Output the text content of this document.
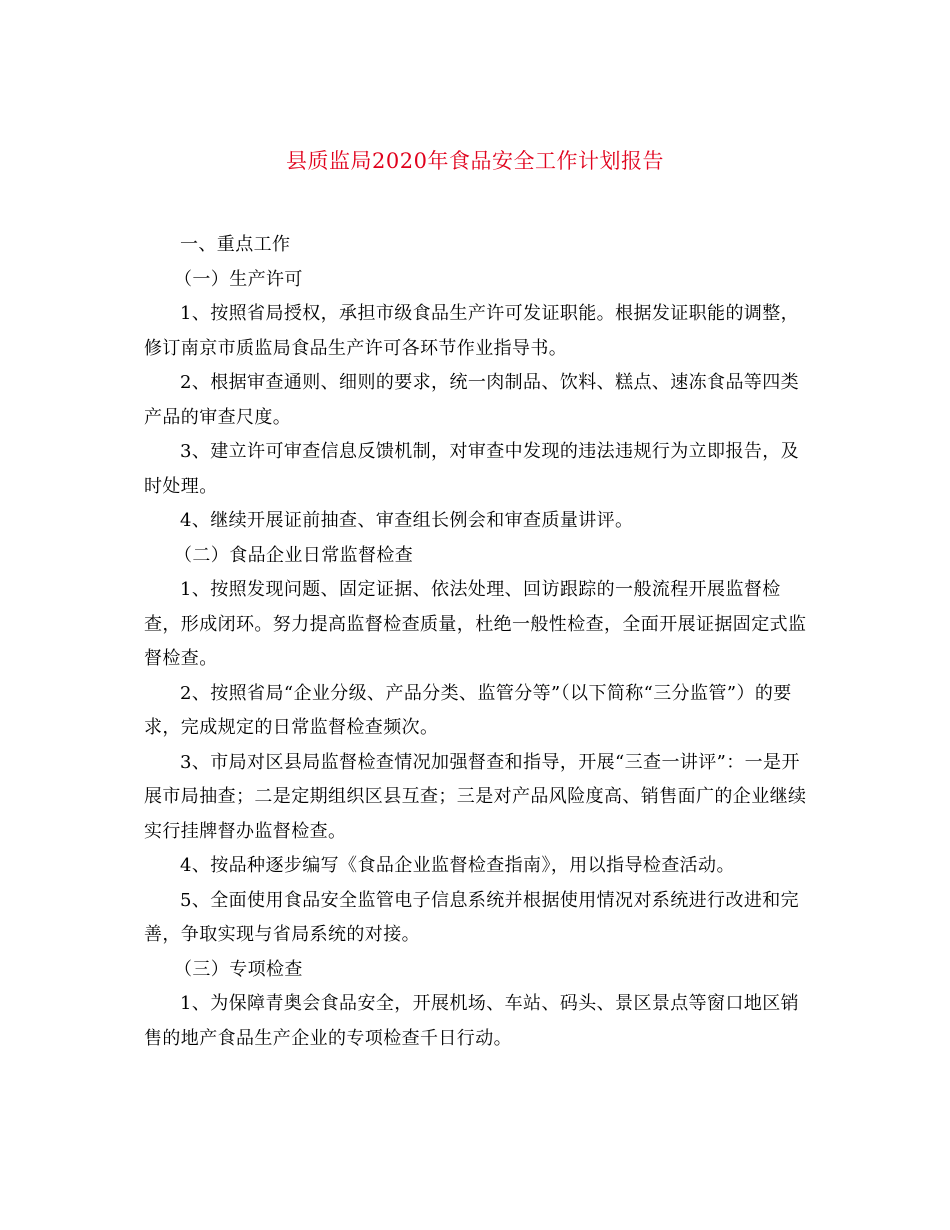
县质监局2020年食品安全工作计划报告

一、重点工作

（一）生产许可

1、按照省局授权，承担市级食品生产许可发证职能。根据发证职能的调整，修订南京市质监局食品生产许可各环节作业指导书。

2、根据审查通则、细则的要求，统一肉制品、饮料、糕点、速冻食品等四类产品的审查尺度。

3、建立许可审查信息反馈机制，对审查中发现的违法违规行为立即报告，及时处理。

4、继续开展证前抽查、审查组长例会和审查质量讲评。

（二）食品企业日常监督检查

1、按照发现问题、固定证据、依法处理、回访跟踪的一般流程开展监督检查，形成闭环。努力提高监督检查质量，杜绝一般性检查，全面开展证据固定式监督检查。

2、按照省局“企业分级、产品分类、监管分等”（以下简称“三分监管”）的要求，完成规定的日常监督检查频次。

3、市局对区县局监督检查情况加强督查和指导，开展“三查一讲评”：一是开展市局抽查；二是定期组织区县互查；三是对产品风险度高、销售面广的企业继续实行挂牌督办监督检查。

4、按品种逐步编写《食品企业监督检查指南》，用以指导检查活动。

5、全面使用食品安全监管电子信息系统并根据使用情况对系统进行改进和完善，争取实现与省局系统的对接。

（三）专项检查

1、为保障青奥会食品安全，开展机场、车站、码头、景区景点等窗口地区销售的地产食品生产企业的专项检查千日行动。
